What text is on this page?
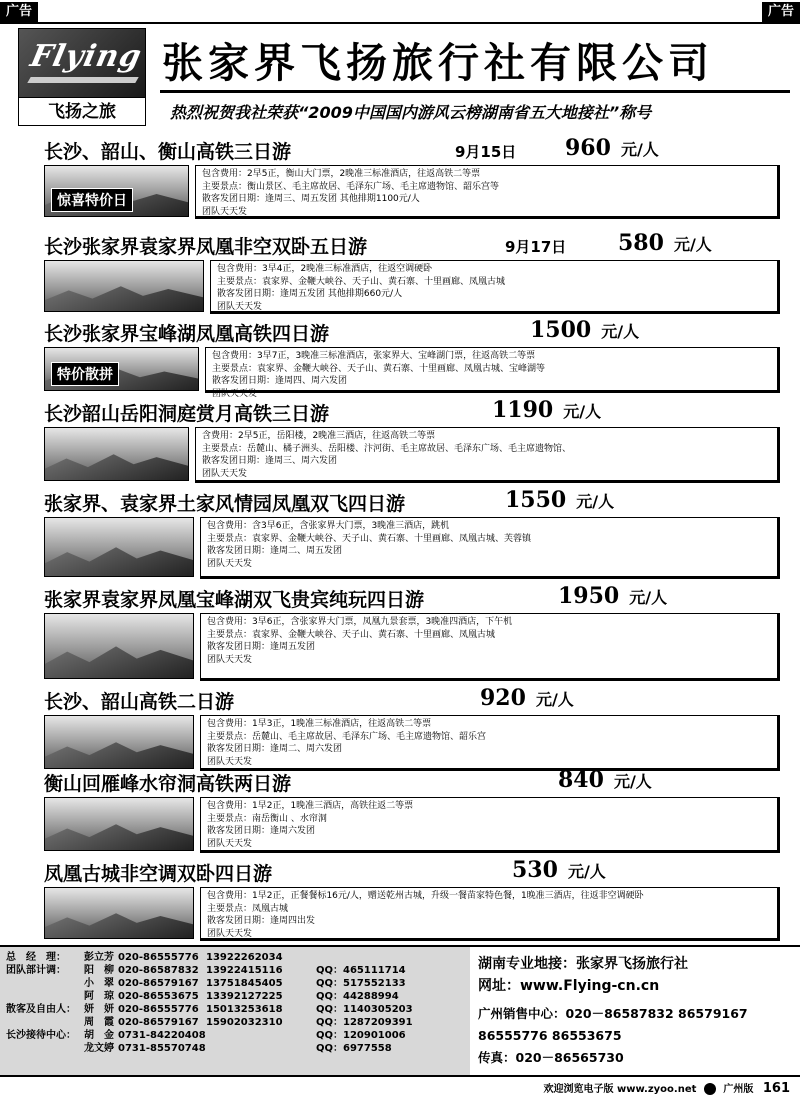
广告	广告
Flying
飞扬之旅
张家界飞扬旅行社有限公司
热烈祝贺我社荣获“2009中国国内游风云榜湖南省五大地接社”称号
长沙、韶山、衡山高铁三日游	9月15日 960 元/人
惊喜特价日
包含费用：2早5正，衡山大门票，2晚准三标准酒店，往返高铁二等票
主要景点：衡山景区、毛主席故居、毛泽东广场、毛主席遗物馆、韶乐宫等
散客发团日期：逢周三、周五发团 其他排期1100元/人
团队天天发
长沙张家界袁家界凤凰非空双卧五日游	9月17日 580 元/人
包含费用：3早4正，2晚准三标准酒店，往返空调硬卧
主要景点：袁家界、金鞭大峡谷、天子山、黄石寨、十里画廊、凤凰古城
散客发团日期：逢周五发团 其他排期660元/人
团队天天发
长沙张家界宝峰湖凤凰高铁四日游	1500 元/人
特价散拼
包含费用：3早7正，3晚准三标准酒店，张家界大、宝峰湖门票，往返高铁二等票
主要景点：袁家界、金鞭大峡谷、天子山、黄石寨、十里画廊、凤凰古城、宝峰湖等
散客发团日期：逢周四、周六发团
团队天天发
长沙韶山岳阳洞庭赏月高铁三日游	1190 元/人
含费用：2早5正，岳阳楼，2晚准三酒店，往返高铁二等票
主要景点：岳麓山、橘子洲头、岳阳楼、汴河街、毛主席故居、毛泽东广场、毛主席遗物馆、
散客发团日期：逢周三、周六发团
团队天天发
张家界、袁家界土家风情园凤凰双飞四日游	1550 元/人
包含费用：含3早6正，含张家界大门票，3晚准三酒店，跳机
主要景点：袁家界、金鞭大峡谷、天子山、黄石寨、十里画廊、凤凰古城、芙蓉镇
散客发团日期：逢周二、周五发团
团队天天发
张家界袁家界凤凰宝峰湖双飞贵宾纯玩四日游	1950 元/人
包含费用：3早6正，含张家界大门票，凤凰九景套票，3晚准四酒店，下午机
主要景点：袁家界、金鞭大峡谷、天子山、黄石寨、十里画廊、凤凰古城
散客发团日期：逢周五发团
团队天天发
长沙、韶山高铁二日游	920 元/人
包含费用：1早3正，1晚准三标准酒店，往返高铁二等票
主要景点：岳麓山、毛主席故居、毛泽东广场、毛主席遗物馆、韶乐宫
散客发团日期：逢周二、周六发团
团队天天发
衡山回雁峰水帘洞高铁两日游	840 元/人
包含费用：1早2正，1晚准三酒店，高铁往返二等票
主要景点：南岳衡山 、水帘洞
散客发团日期：逢周六发团
团队天天发
凤凰古城非空调双卧四日游	530 元/人
包含费用：1早2正，正餐餐标16元/人，赠送乾州古城，升级一餐苗家特色餐，1晚准三酒店，往返非空调硬卧
主要景点：凤凰古城
散客发团日期：逢周四出发
团队天天发
总　经　理：	彭立芳 020-86555776 13922262034
团队部计调：	阳　柳 020-86587832 13922415116	QQ：465111714
小　翠 020-86579167 13751845405	QQ：517552133
阿　琼 020-86553675 13392127225	QQ：44288994
散客及自由人： 妍　妍 020-86555776 15013253618	QQ：1140305203
周　霞 020-86579167 15902032310	QQ：1287209391
长沙接待中心： 胡　金 0731-84220408	QQ：120901006
龙文婷 0731-85570748	QQ：6977558
湖南专业地接：张家界飞扬旅行社
网址：www.Flying-cn.cn
广州销售中心：020－86587832 86579167
86555776 86553675
传真：020－86565730
欢迎浏览电子版 www.zyoo.net	广州版 161
